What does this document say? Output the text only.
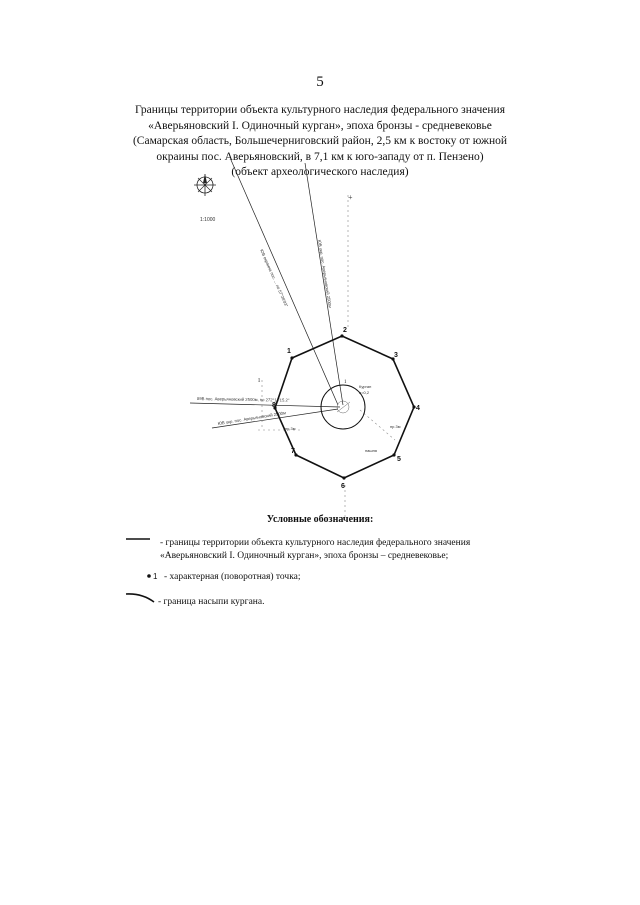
5
Границы территории объекта культурного наследия федерального значения
«Аверьяновский I. Одиночный курган», эпоха бронзы - средневековье
(Самарская область, Большечерниговский район, 2,5 км к востоку от южной
окраины пос. Аверьяновский, в 7,1 км к юго-западу от п. Пензено)
(объект археологического наследия)
1:1000
+
ЮВ окраина пос. ... по 57°28'03"	ЮВ окр. пос. Аверьяновский 2500м
89В пос. Аверьяновский 2500м, по 272°14'15.2"
ЮВ окр. пос. Аверьяновский 2500м
1
2
3
4
5
6
7
8
1
Курган
h=0,2
пашня
пр.3м	пр.3м
ı
1
Условные обозначения:
- границы территории объекта культурного наследия федерального значения
«Аверьяновский I. Одиночный курган», эпоха бронзы – средневековье;
- характерная (поворотная) точка;
- граница насыпи кургана.
